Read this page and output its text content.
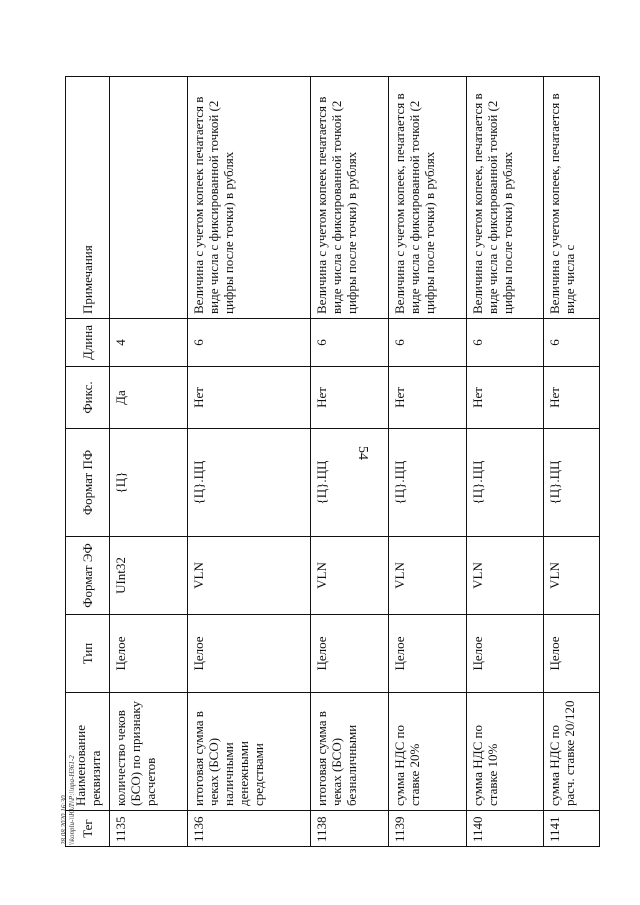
54
Тег	Наименование реквизита	Тип	Формат ЭФ	Формат ПФ	Фикс.	Длина	Примечания
1135	количество чеков (БСО) по признаку расчетов	Целое	UInt32	{Ц}	Да	4	
1136	итоговая сумма в чеках (БСО) наличными денежными средствами	Целое	VLN	{Ц}.ЦЦ	Нет	6	Величина с учетом копеек печатается в виде числа с фиксированной точкой (2 цифры после точки) в рублях
1138	итоговая сумма в чеках (БСО) безналичными	Целое	VLN	{Ц}.ЦЦ	Нет	6	Величина с учетом копеек печатается в виде числа с фиксированной точкой (2 цифры после точки) в рублях
1139	сумма НДС по ставке 20%	Целое	VLN	{Ц}.ЦЦ	Нет	6	Величина с учетом копеек, печатается в виде числа с фиксированной точкой (2 цифры после точки) в рублях
1140	сумма НДС по ставке 10%	Целое	VLN	{Ц}.ЦЦ	Нет	6	Величина с учетом копеек, печатается в виде числа с фиксированной точкой (2 цифры после точки) в рублях
1141	сумма НДС по расч. ставке 20/120	Целое	VLN	{Ц}.ЦЦ	Нет	6	Величина с учетом копеек, печатается в виде числа с
28.08.2020 16:30 \\konplu-\\ЮЛ\\Р:\\пра-Н361-2
